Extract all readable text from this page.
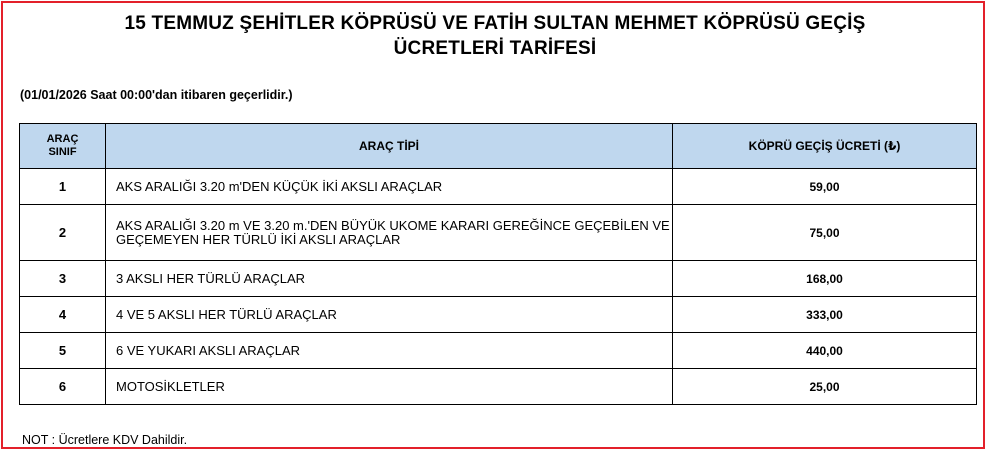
15 TEMMUZ ŞEHİTLER KÖPRÜSÜ VE FATİH SULTAN MEHMET KÖPRÜSÜ GEÇİŞ
ÜCRETLERİ TARİFESİ
(01/01/2026 Saat 00:00'dan itibaren geçerlidir.)
ARAÇ
SINIF	ARAÇ TİPİ	KÖPRÜ GEÇİŞ ÜCRETİ (₺)
1	AKS ARALIĞI 3.20 m'DEN KÜÇÜK İKİ AKSLI ARAÇLAR	59,00
2	AKS ARALIĞI 3.20 m VE 3.20 m.'DEN BÜYÜK UKOME KARARI GEREĞİNCE GEÇEBİLEN VE GEÇEMEYEN HER TÜRLÜ İKİ AKSLI ARAÇLAR	75,00
3	3 AKSLI HER TÜRLÜ ARAÇLAR	168,00
4	4 VE 5 AKSLI HER TÜRLÜ ARAÇLAR	333,00
5	6 VE YUKARI AKSLI ARAÇLAR	440,00
6	MOTOSİKLETLER	25,00
NOT : Ücretlere KDV Dahildir.
